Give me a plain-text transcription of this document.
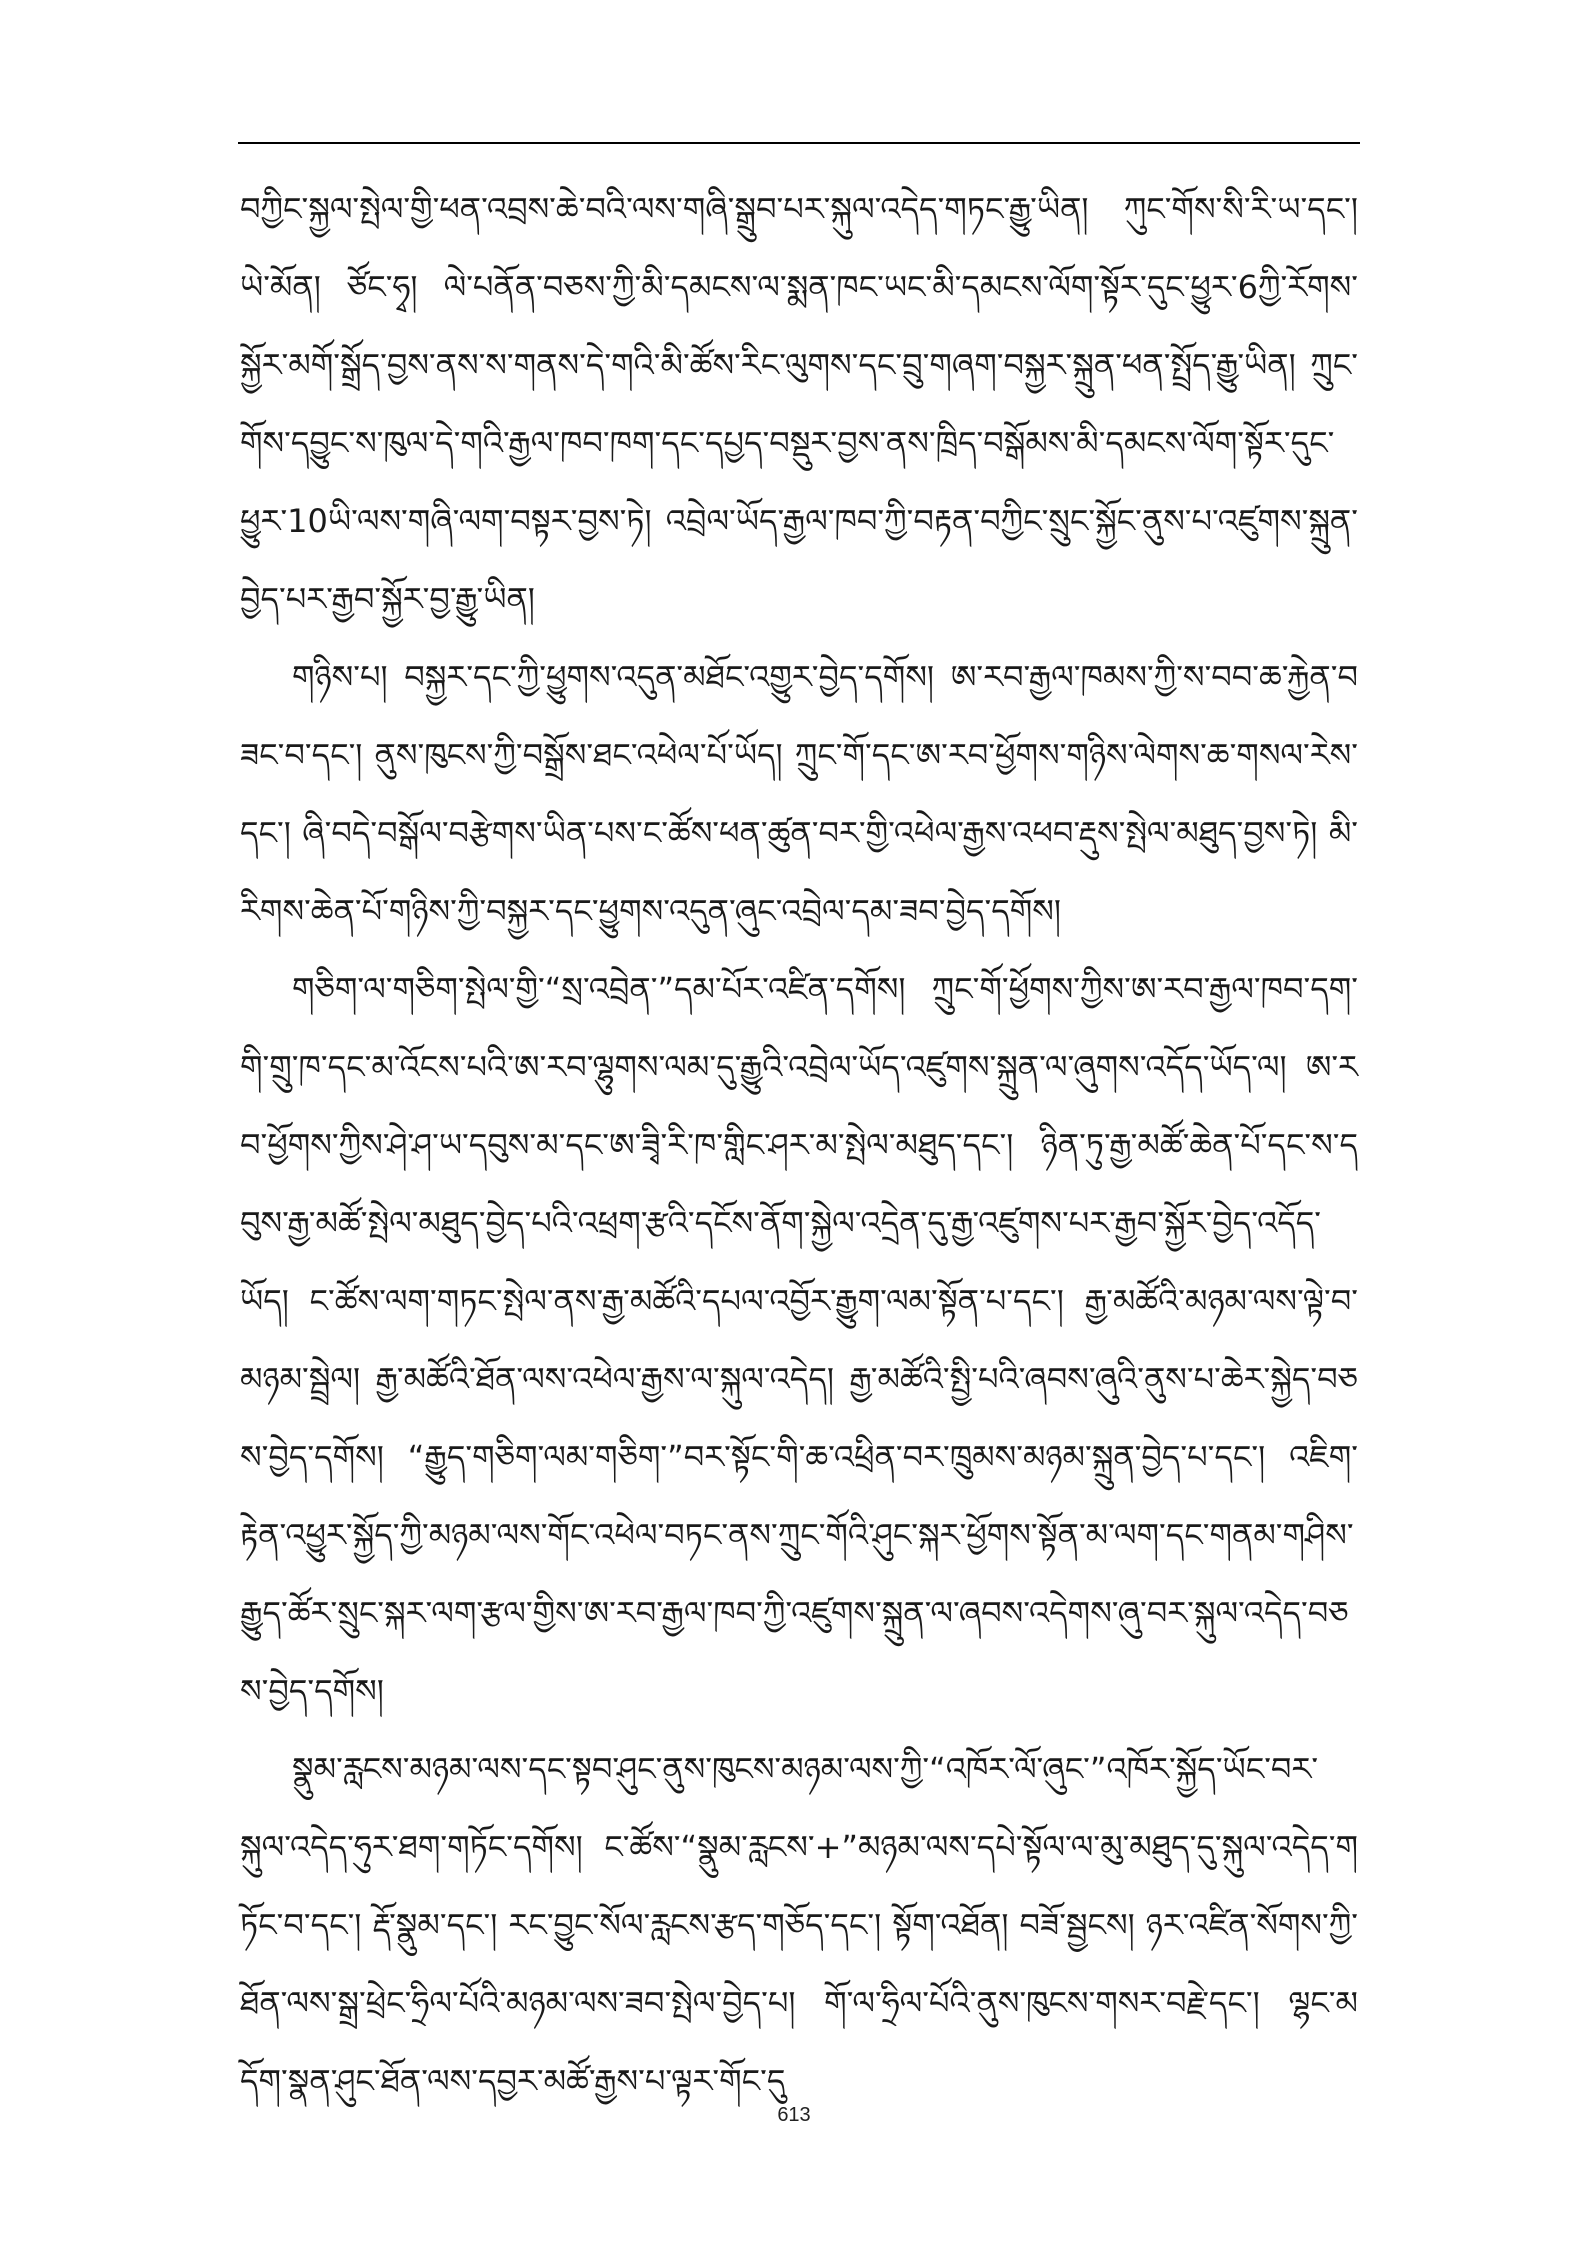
བཀྱིང་སྐྱལ་སྤེལ་གྱི་ཕན་འབྲས་ཆེ་བའི་ལས་གཞི་སྒྲུབ་པར་སྐུལ་འདེད་གཏང་རྒྱུ་ཡིན། ཀུང་གོས་སི་རི་ཡ་དང་། ཡེ་མོན། ཙོང་ཧྭ། ལེ་པནོན་བཅས་ཀྱི་མི་དམངས་ལ་སྨན་ཁང་ཡང་མི་དམངས་ལོག་སྟོར་དུང་ཕྱུར་6ཀྱི་རོགས་སྐྱོར་མགོ་སྒྲོད་བྱས་ནས་ས་གནས་དེ་གའི་མི་ཚོས་རིང་ལུགས་དང་བྲུ་གཞག་བསྐྱར་སྐྲུན་ཕན་སྤྲོད་རྒྱུ་ཡིན། ཀྲུང་གོས་དབྱུང་ས་ཁུལ་དེ་གའི་རྒྱལ་ཁབ་ཁག་དང་དཔྱད་བསྡུར་བྱས་ནས་ཁྲིད་བསྒོམས་མི་དམངས་ལོག་སྟོར་དུང་ཕྱུར་10ཡི་ལས་གཞི་ལག་བསྟར་བྱས་ཏེ། འབྲེལ་ཡོད་རྒྱལ་ཁབ་ཀྱི་བརྟན་བཀྱིང་སྲུང་སྐྱོང་ནུས་པ་འཛུགས་སྐྲུན་བྱེད་པར་རྒྱབ་སྐྱོར་བྱ་རྒྱུ་ཡིན།

གཉིས་པ། བསྐྱར་དང་ཀྱི་ཕྱུགས་འདུན་མཐོང་འགྱུར་བྱེད་དགོས། ཨ་རབ་རྒྱལ་ཁམས་ཀྱི་ས་བབ་ཆ་རྐྱེན་བཟང་བ་དང་། ནུས་ཁུངས་ཀྱི་བསྒྲོས་ཐང་འཕེལ་པོ་ཡོད། ཀྲུང་གོ་དང་ཨ་རབ་ཕྱོགས་གཉིས་ལེགས་ཆ་གསལ་རེས་དང་། ཞི་བདེ་བསྒོལ་བརྩེགས་ཡིན་པས་ང་ཚོས་ཕན་ཚུན་བར་གྱི་འཕེལ་རྒྱས་འཕབ་རྡུས་སྤེལ་མཐུད་བྱས་ཏེ། མི་རིགས་ཆེན་པོ་གཉིས་ཀྱི་བསྐྱར་དང་ཕྱུགས་འདུན་ཞུང་འབྲེལ་དམ་ཟབ་བྱེད་དགོས།

གཅིག་ལ་གཅིག་སྤེལ་གྱི་“སྲ་འབྲེན་”དམ་པོར་འཛིན་དགོས། ཀྲུང་གོ་ཕྱོགས་ཀྱིས་ཨ་རབ་རྒྱལ་ཁབ་དག་གི་གྲུ་ཁ་དང་མ་འོངས་པའི་ཨ་རབ་ལྷུགས་ལམ་དུ་རྒྱུའི་འབྲེལ་ཡོད་འཛུགས་སྐྲུན་ལ་ཞུགས་འདོད་ཡོད་ལ། ཨ་རབ་ཕྱོགས་ཀྱིས་ཤེ་ཤ་ཡ་དབུས་མ་དང་ཨ་ཟྭི་རི་ཁ་གླིང་ཤར་མ་སྤེལ་མཐུད་དང་། ཉིན་ཏུ་རྒྱ་མཚོ་ཆེན་པོ་དང་ས་དབུས་རྒྱ་མཚོ་སྤེལ་མཐུད་བྱེད་པའི་འཕྲག་རྩའི་དངོས་ནོག་སྐྱེལ་འདྲེན་དུ་རྒྱ་འཛུགས་པར་རྒྱབ་སྐྱོར་བྱེད་འདོད་ཡོད། ང་ཚོས་ལག་གཏང་སྤེལ་ནས་རྒྱ་མཚོའི་དཔལ་འབྱོར་རྒྱུག་ལམ་སྟོན་པ་དང་། རྒྱ་མཚོའི་མཉམ་ལས་ལྟེ་བ་མཉམ་སྦྲེལ། རྒྱ་མཚོའི་ཐོན་ལས་འཕེལ་རྒྱས་ལ་སྐུལ་འདེད། རྒྱ་མཚོའི་སྤྱི་པའི་ཞབས་ཞུའི་ནུས་པ་ཆེར་སྐྱེད་བཅས་བྱེད་དགོས། “རྒྱུད་གཅིག་ལམ་གཅིག་”བར་སྟོང་གི་ཆ་འཕྲིན་བར་ཁྲུམས་མཉམ་སྐྲུན་བྱེད་པ་དང་། འཇིག་རྟེན་འཕྱུར་སྐྱོད་ཀྱི་མཉམ་ལས་གོང་འཕེལ་བཏང་ནས་ཀྲུང་གོའི་ཤུང་སྐར་ཕྱོགས་སྟོན་མ་ལག་དང་གནམ་གཤིས་རྒྱུད་ཚོར་སྲུང་སྐར་ལག་རྩལ་གྱིས་ཨ་རབ་རྒྱལ་ཁབ་ཀྱི་འཛུགས་སྐྲུན་ལ་ཞབས་འདེགས་ཞུ་བར་སྐུལ་འདེད་བཅས་བྱེད་དགོས།

སྣུམ་རླངས་མཉམ་ལས་དང་སྟབ་ཤུང་ནུས་ཁུངས་མཉམ་ལས་ཀྱི་“འཁོར་ལོ་ཞུང་”འཁོར་སྐྱོད་ཡོང་བར་སྐུལ་འདེད་ཧུར་ཐག་གཏོང་དགོས། ང་ཚོས་“སྣུམ་རླངས་+”མཉམ་ལས་དཔེ་སྟོལ་ལ་མུ་མཐུད་དུ་སྐུལ་འདེད་གཏོང་བ་དང་། རྡོ་སྣུམ་དང་། རང་བྱུང་སོལ་རླངས་རྩད་གཅོད་དང་། སྟོག་འཐོན། བཟོ་སྦྱངས། ཉར་འཛིན་སོགས་ཀྱི་ཐོན་ལས་སྒྲ་ཕྲེང་ཧྲིལ་པོའི་མཉམ་ལས་ཟབ་སྤེལ་བྱེད་པ། གོ་ལ་ཧྲིལ་པོའི་ནུས་ཁུངས་གསར་བརྗེ་དང་། ལྷང་མདོག་སྣན་ཤུང་ཐོན་ལས་དབྱར་མཚོ་རྒྱས་པ་ལྟར་གོང་དུ

613
